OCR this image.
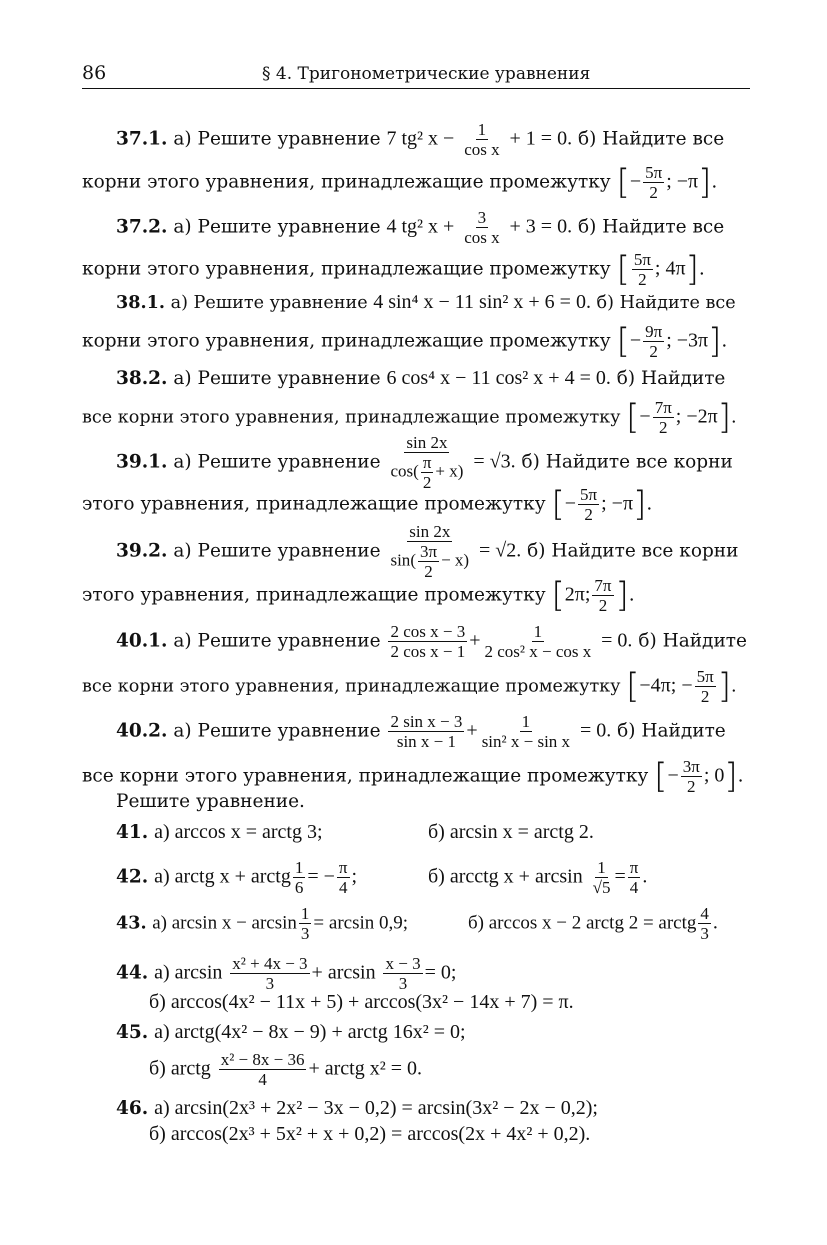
86	§ 4. Тригонометрические уравнения
37.1. а) Решите уравнение 7 tg² $x - \frac{1}{\text{cos x}} + 1 = 0$. б) Найдите все
корни этого уравнения, принадлежащие промежутку [− $\frac{5\pi}{2}$ ; −π].
37.2. а) Решите уравнение 4 tg² $x + \frac{3}{\text{cos x}} + 3 = 0$. б) Найдите все
корни этого уравнения, принадлежащие промежутку [ $\frac{5\pi}{2}$ ; 4π].
38.1. а) Решите уравнение 4 sin⁴ x − 11 sin² x + 6 = 0. б) Найдите все
корни этого уравнения, принадлежащие промежутку [− $\frac{9\pi}{2}$ ; −3π].
38.2. а) Решите уравнение 6 cos⁴ x − 11 cos² x + 4 = 0. б) Найдите
все корни этого уравнения, принадлежащие промежутку [− $\frac{7\pi}{2}$ ; −2π].
39.1. а) Решите уравнение $\frac{\sin 2x}{\cos( \frac{\pi}{2} + x)} = √3$. б) Найдите все корни
этого уравнения, принадлежащие промежутку [− $\frac{5\pi}{2}$ ; −π].
39.2. а) Решите уравнение $\frac{\sin 2x}{\sin( \frac{3\pi}{2} - x)} = √2$. б) Найдите все корни
этого уравнения, принадлежащие промежутку [2π; $\frac{7\pi}{2}$ ].
40.1. а) Решите уравнение $\frac{\text{2 cos x − 3}}{\text{2 cos x − 1}} + \frac{1}{\text{2 cos² x − cos x}} = 0$. б) Найдите
все корни этого уравнения, принадлежащие промежутку [−4π; − $\frac{5\pi}{2}$ ].
40.2. а) Решите уравнение $\frac{\text{2 sin x − 3}}{\text{sin x − 1}} + \frac{1}{\text{sin² x − sin x}} = 0$. б) Найдите
все корни этого уравнения, принадлежащие промежутку [− $\frac{3\pi}{2}$ ; 0].
Решите уравнение.
41. а) arccos x = arctg 3;	б) arcsin x = arctg 2.
42. а) arctg x + arctg $\frac{1}{6}$ = − $\frac{\pi}{4}$ ;	б) arcctg $x + \arcsin \frac{1}{√5} = \frac{\pi}{4}$ .
43. а) $\arcsin x - \arcsin \frac{1}{3} = \arcsin 0,9$;	б) arccos x − 2 arctg 2 = arctg $\frac{4}{3}$ .
44. а) $\arcsin \frac{\text{x² + 4x − 3}}{3} + \arcsin \frac{x - 3}{3} = 0$;
б) arccos(4x² − 11x + 5) + arccos(3x² − 14x + 7) = π.
45. а) arctg(4x² − 8x − 9) + arctg 16x² = 0;
б) arctg $\frac{\text{x² − 8x − 36}}{4}$ + arctg x² = 0.
46. а) arcsin(2x³ + 2x² − 3x − 0,2) = arcsin(3x² − 2x − 0,2);
б) arccos(2x³ + 5x² + x + 0,2) = arccos(2x + 4x² + 0,2).
